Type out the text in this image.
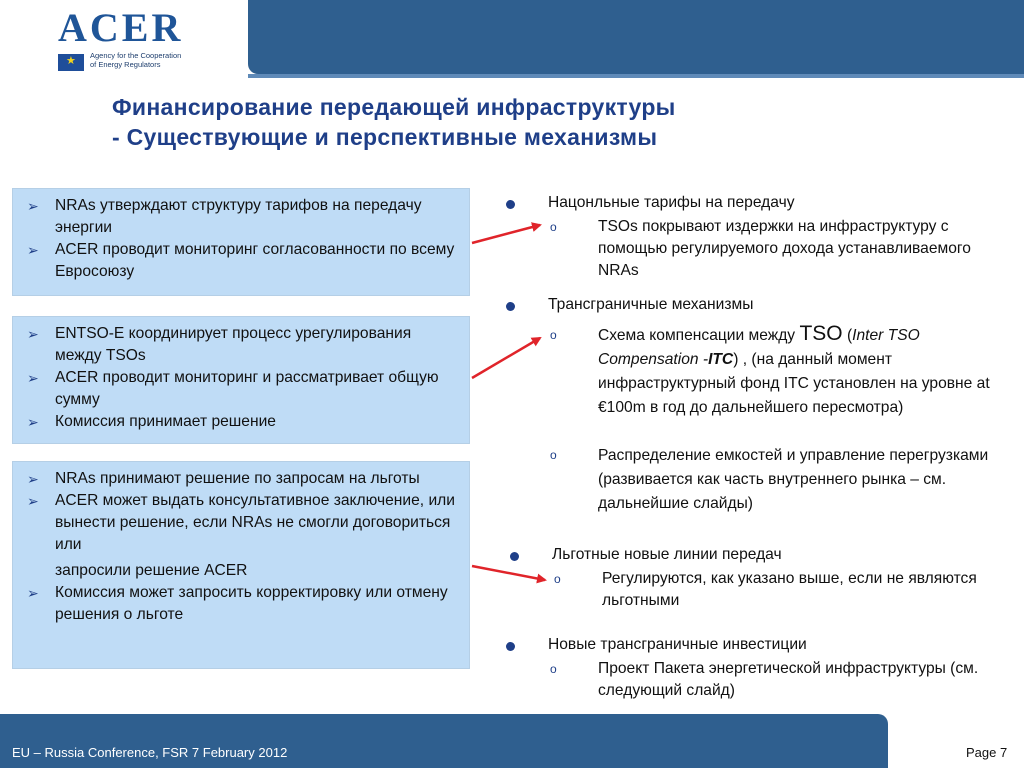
ACER
★
Agency for the Cooperation
of Energy Regulators
Финансирование передающей инфраструктуры
- Существующие и перспективные механизмы
➢ NRAs утверждают структуру тарифов на передачу энергии
➢ ACER проводит мониторинг согласованности по всему Евросоюзу
➢ ENTSO-E координирует процесс урегулирования между TSOs
➢ ACER проводит мониторинг и рассматривает общую сумму
➢ Комиссия принимает решение
➢ NRAs принимают решение по запросам на льготы
➢ ACER может выдать консультативное заключение, или вынести решение, если NRAs не смогли договориться или
запросили решение ACER
➢ Комиссия может запросить корректировку или отмену решения о льготе
Нацонльные тарифы на передачу
o	TSOs покрывают издержки на инфраструктуру с помощью регулируемого дохода устанавливаемого NRAs
Трансграничные механизмы
o	Схема компенсации между TSO (Inter TSO Compensation -ITC) , (на данный момент инфраструктурный фонд ITC установлен на уровне at €100m в год до дальнейшего пересмотра)
o	Распределение емкостей и управление перегрузками (развивается как часть внутреннего рынка – см. дальнейшие слайды)
Льготные новые линии передач
o	Регулируются, как указано выше, если не являются льготными
Новые трансграничные инвестиции
o	Проект Пакета энергетической инфраструктуры (см. следующий слайд)
EU – Russia Conference, FSR 7 February 2012	Page 7
